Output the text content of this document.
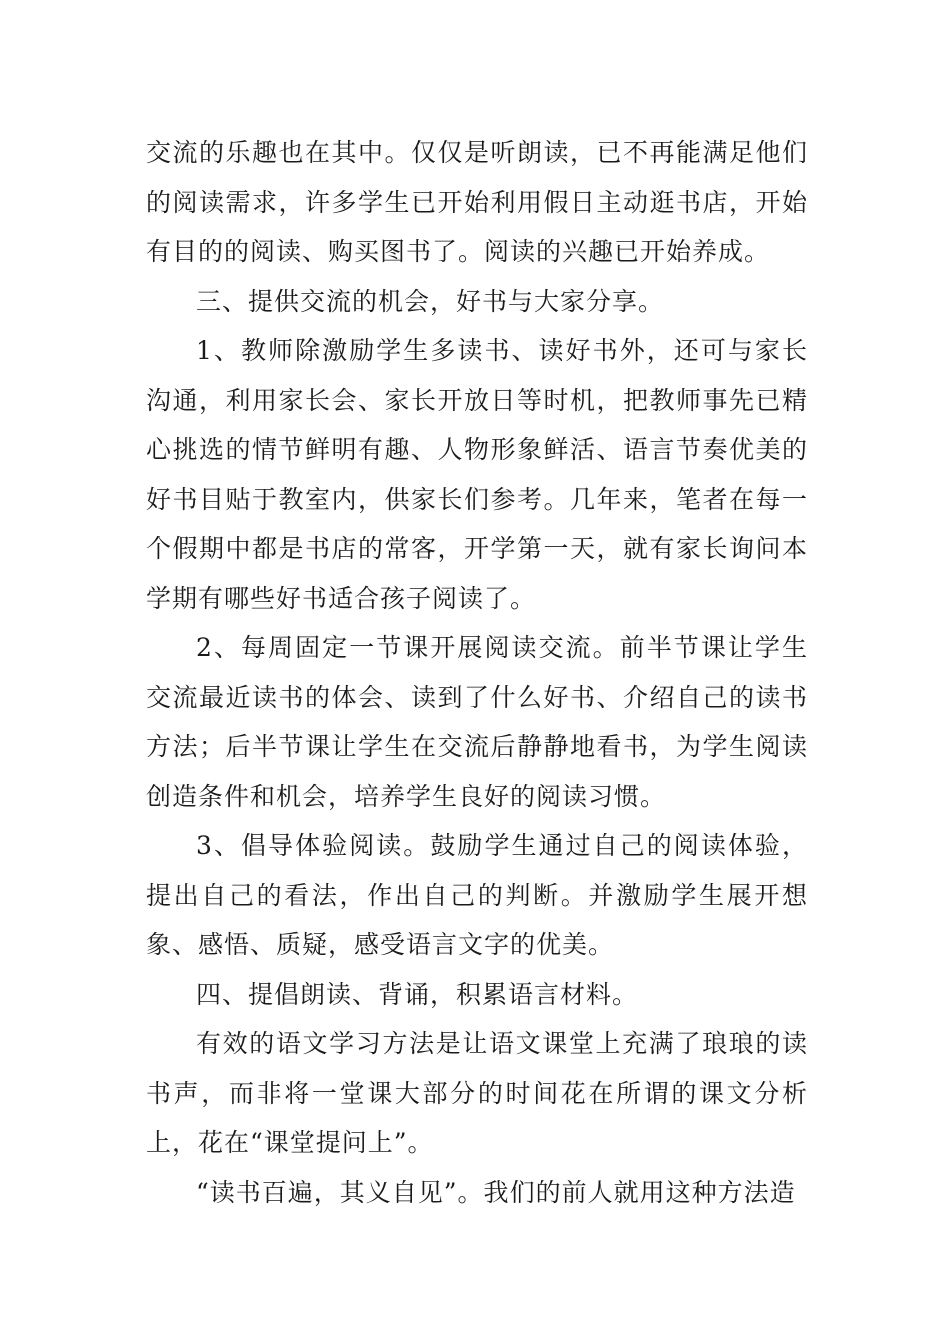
交流的乐趣也在其中。仅仅是听朗读，已不再能满足他们的阅读需求，许多学生已开始利用假日主动逛书店，开始有目的的阅读、购买图书了。阅读的兴趣已开始养成。

三、提供交流的机会，好书与大家分享。

1、教师除激励学生多读书、读好书外，还可与家长沟通，利用家长会、家长开放日等时机，把教师事先已精心挑选的情节鲜明有趣、人物形象鲜活、语言节奏优美的好书目贴于教室内，供家长们参考。几年来，笔者在每一个假期中都是书店的常客，开学第一天，就有家长询问本学期有哪些好书适合孩子阅读了。

2、每周固定一节课开展阅读交流。前半节课让学生交流最近读书的体会、读到了什么好书、介绍自己的读书方法；后半节课让学生在交流后静静地看书，为学生阅读创造条件和机会，培养学生良好的阅读习惯。

3、倡导体验阅读。鼓励学生通过自己的阅读体验，提出自己的看法，作出自己的判断。并激励学生展开想象、感悟、质疑，感受语言文字的优美。

四、提倡朗读、背诵，积累语言材料。

有效的语文学习方法是让语文课堂上充满了琅琅的读书声，而非将一堂课大部分的时间花在所谓的课文分析上，花在“课堂提问上”。

“读书百遍，其义自见”。我们的前人就用这种方法造
